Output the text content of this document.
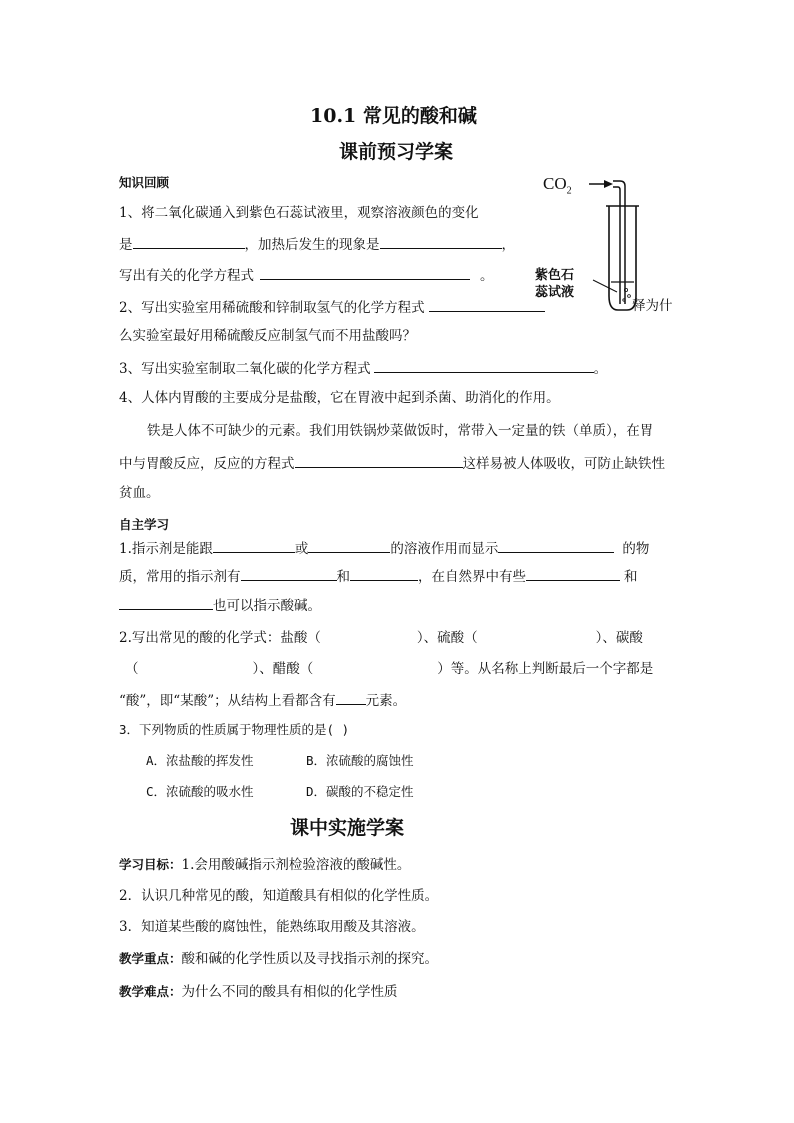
10.1 常见的酸和碱
课前预习学案
知识回顾
1、将二氧化碳通入到紫色石蕊试液里，观察溶液颜色的变化
是	，加热后发生的现象是	，
写出有关的化学方程式	。
2、写出实验室用稀硫酸和锌制取氢气的化学方程式	释为什
么实验室最好用稀硫酸反应制氢气而不用盐酸吗？
3、写出实验室制取二氧化碳的化学方程式	。
4、人体内胃酸的主要成分是盐酸，它在胃液中起到杀菌、助消化的作用。
铁是人体不可缺少的元素。我们用铁锅炒菜做饭时，常带入一定量的铁（单质），在胃
中与胃酸反应，反应的方程式	这样易被人体吸收，可防止缺铁性
贫血。
$CO_2$
紫色石
蕊试液
自主学习
1.指示剂是能跟	或	的溶液作用而显示	的物
质，常用的指示剂有	和	，在自然界中有些	和
也可以指示酸碱。
2.写出常见的酸的化学式：盐酸（	）、硫酸（	）、碳酸
（	）、醋酸（	）等。从名称上判断最后一个字都是
“酸”，即“某酸”；从结构上看都含有 元素。
3．下列物质的性质属于物理性质的是( )
A．浓盐酸的挥发性	B．浓硫酸的腐蚀性
C．浓硫酸的吸水性	D．碳酸的不稳定性
课中实施学案
学习目标：1.会用酸碱指示剂检验溶液的酸碱性。
2．认识几种常见的酸，知道酸具有相似的化学性质。
3．知道某些酸的腐蚀性，能熟练取用酸及其溶液。
教学重点：酸和碱的化学性质以及寻找指示剂的探究。
教学难点：为什么不同的酸具有相似的化学性质
